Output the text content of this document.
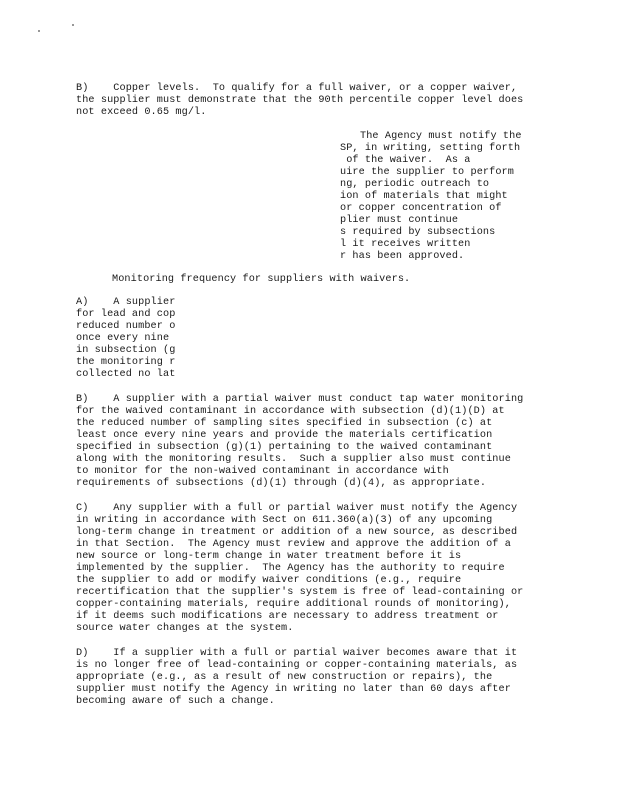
B)    Copper levels.  To qualify for a full waiver, or a copper waiver,
the supplier must demonstrate that the 90th percentile copper level does
not exceed 0.65 mg/l.
The Agency must notify the
SP, in writing, setting forth
of the waiver.  As a
uire the supplier to perform
ng, periodic outreach to
ion of materials that might
or copper concentration of
plier must continue
s required by subsections
l it receives written
r has been approved.
Monitoring frequency for suppliers with waivers.
A)    A supplier
for lead and cop
reduced number o
once every nine
in subsection (g
the monitoring r
collected no lat
B)    A supplier with a partial waiver must conduct tap water monitoring
for the waived contaminant in accordance with subsection (d)(1)(D) at
the reduced number of sampling sites specified in subsection (c) at
least once every nine years and provide the materials certification
specified in subsection (g)(1) pertaining to the waived contaminant
along with the monitoring results.  Such a supplier also must continue
to monitor for the non-waived contaminant in accordance with
requirements of subsections (d)(1) through (d)(4), as appropriate.
C)    Any supplier with a full or partial waiver must notify the Agency
in writing in accordance with Sect on 611.360(a)(3) of any upcoming
long-term change in treatment or addition of a new source, as described
in that Section.  The Agency must review and approve the addition of a
new source or long-term change in water treatment before it is
implemented by the supplier.  The Agency has the authority to require
the supplier to add or modify waiver conditions (e.g., require
recertification that the supplier's system is free of lead-containing or
copper-containing materials, require additional rounds of monitoring),
if it deems such modifications are necessary to address treatment or
source water changes at the system.
D)    If a supplier with a full or partial waiver becomes aware that it
is no longer free of lead-containing or copper-containing materials, as
appropriate (e.g., as a result of new construction or repairs), the
supplier must notify the Agency in writing no later than 60 days after
becoming aware of such a change.
